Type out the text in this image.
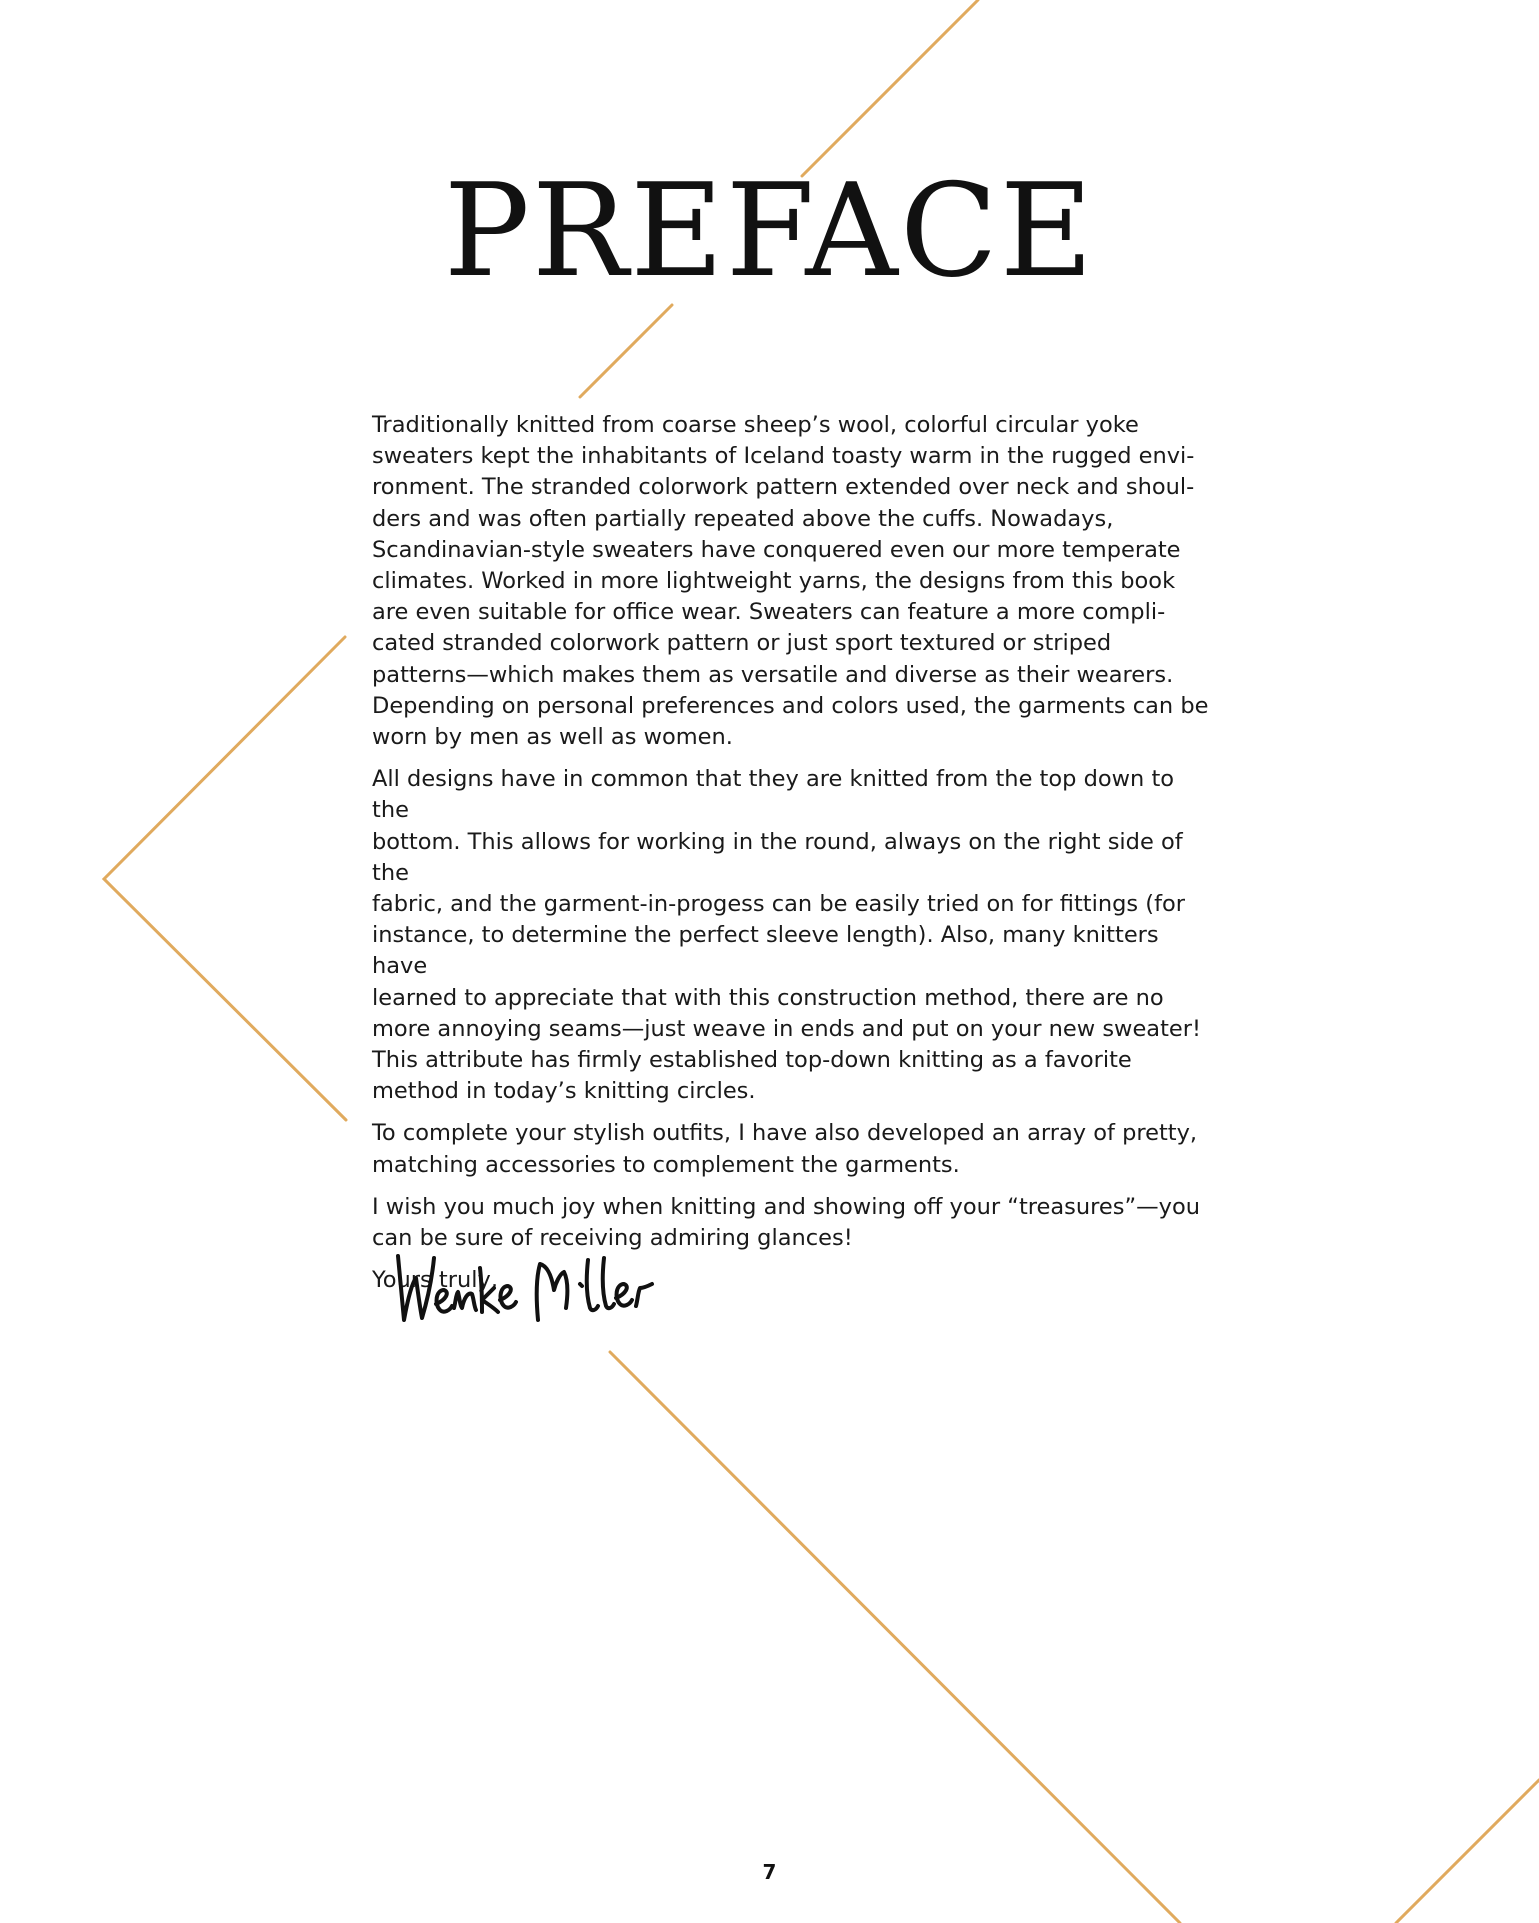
PREFACE

Traditionally knitted from coarse sheep’s wool, colorful circular yoke
sweaters kept the inhabitants of Iceland toasty warm in the rugged envi-
ronment. The stranded colorwork pattern extended over neck and shoul-
ders and was often partially repeated above the cuffs. Nowadays,
Scandinavian-style sweaters have conquered even our more temperate
climates. Worked in more lightweight yarns, the designs from this book
are even suitable for office wear. Sweaters can feature a more compli-
cated stranded colorwork pattern or just sport textured or striped
patterns—which makes them as versatile and diverse as their wearers.
Depending on personal preferences and colors used, the garments can be
worn by men as well as women.

All designs have in common that they are knitted from the top down to the
bottom. This allows for working in the round, always on the right side of the
fabric, and the garment-in-progess can be easily tried on for fittings (for
instance, to determine the perfect sleeve length). Also, many knitters have
learned to appreciate that with this construction method, there are no
more annoying seams—just weave in ends and put on your new sweater!
This attribute has firmly established top-down knitting as a favorite
method in today’s knitting circles.

To complete your stylish outfits, I have also developed an array of pretty,
matching accessories to complement the garments.

I wish you much joy when knitting and showing off your “treasures”—you
can be sure of receiving admiring glances!

Yours truly,

7
